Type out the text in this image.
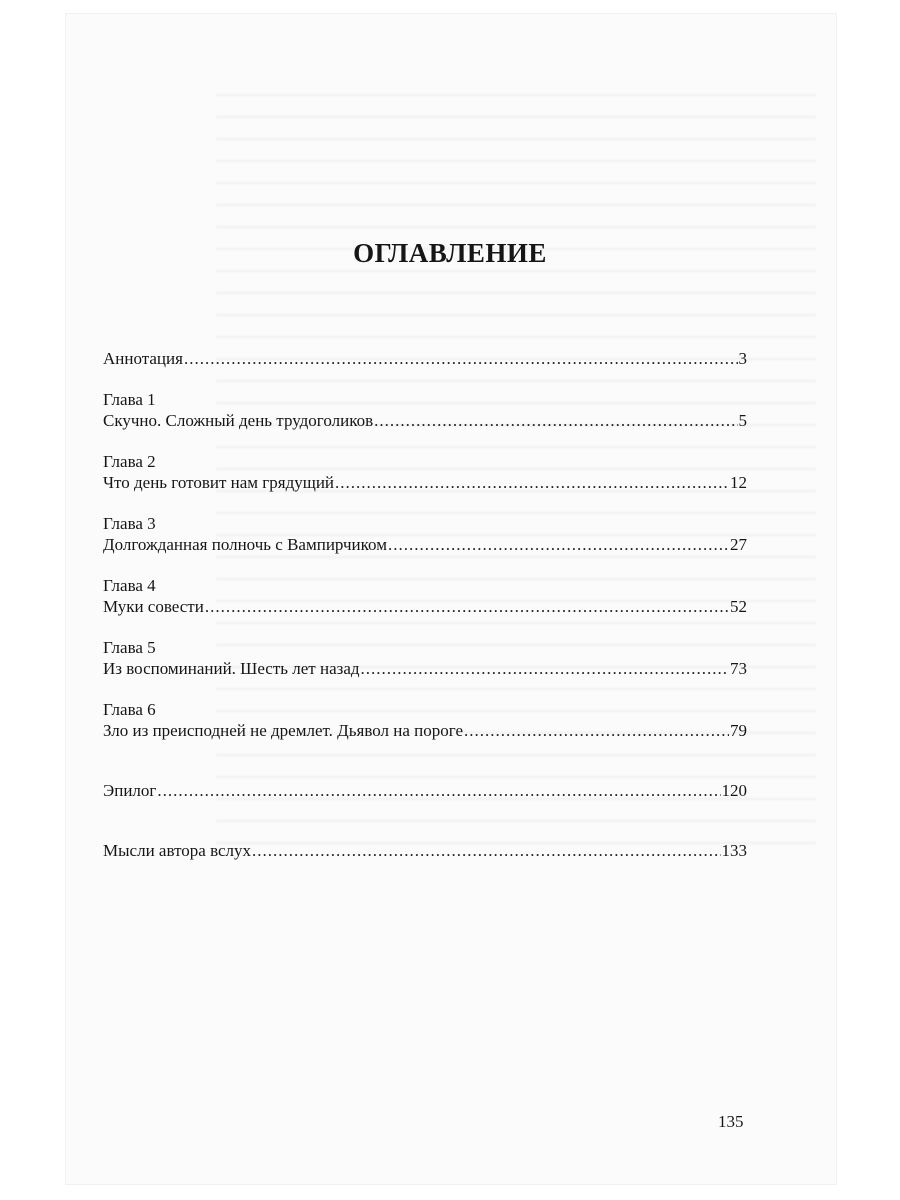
ОГЛАВЛЕНИЕ
Аннотация .....	3
Глава 1
Скучно. Сложный день трудоголиков .....	5
Глава 2
Что день готовит нам грядущий .....	12
Глава 3
Долгожданная полночь с Вампирчиком .....	27
Глава 4
Муки совести .....	52
Глава 5
Из воспоминаний. Шесть лет назад .....	73
Глава 6
Зло из преисподней не дремлет. Дьявол на пороге .....	79
Эпилог .....	120
Мысли автора вслух .....	133
135
